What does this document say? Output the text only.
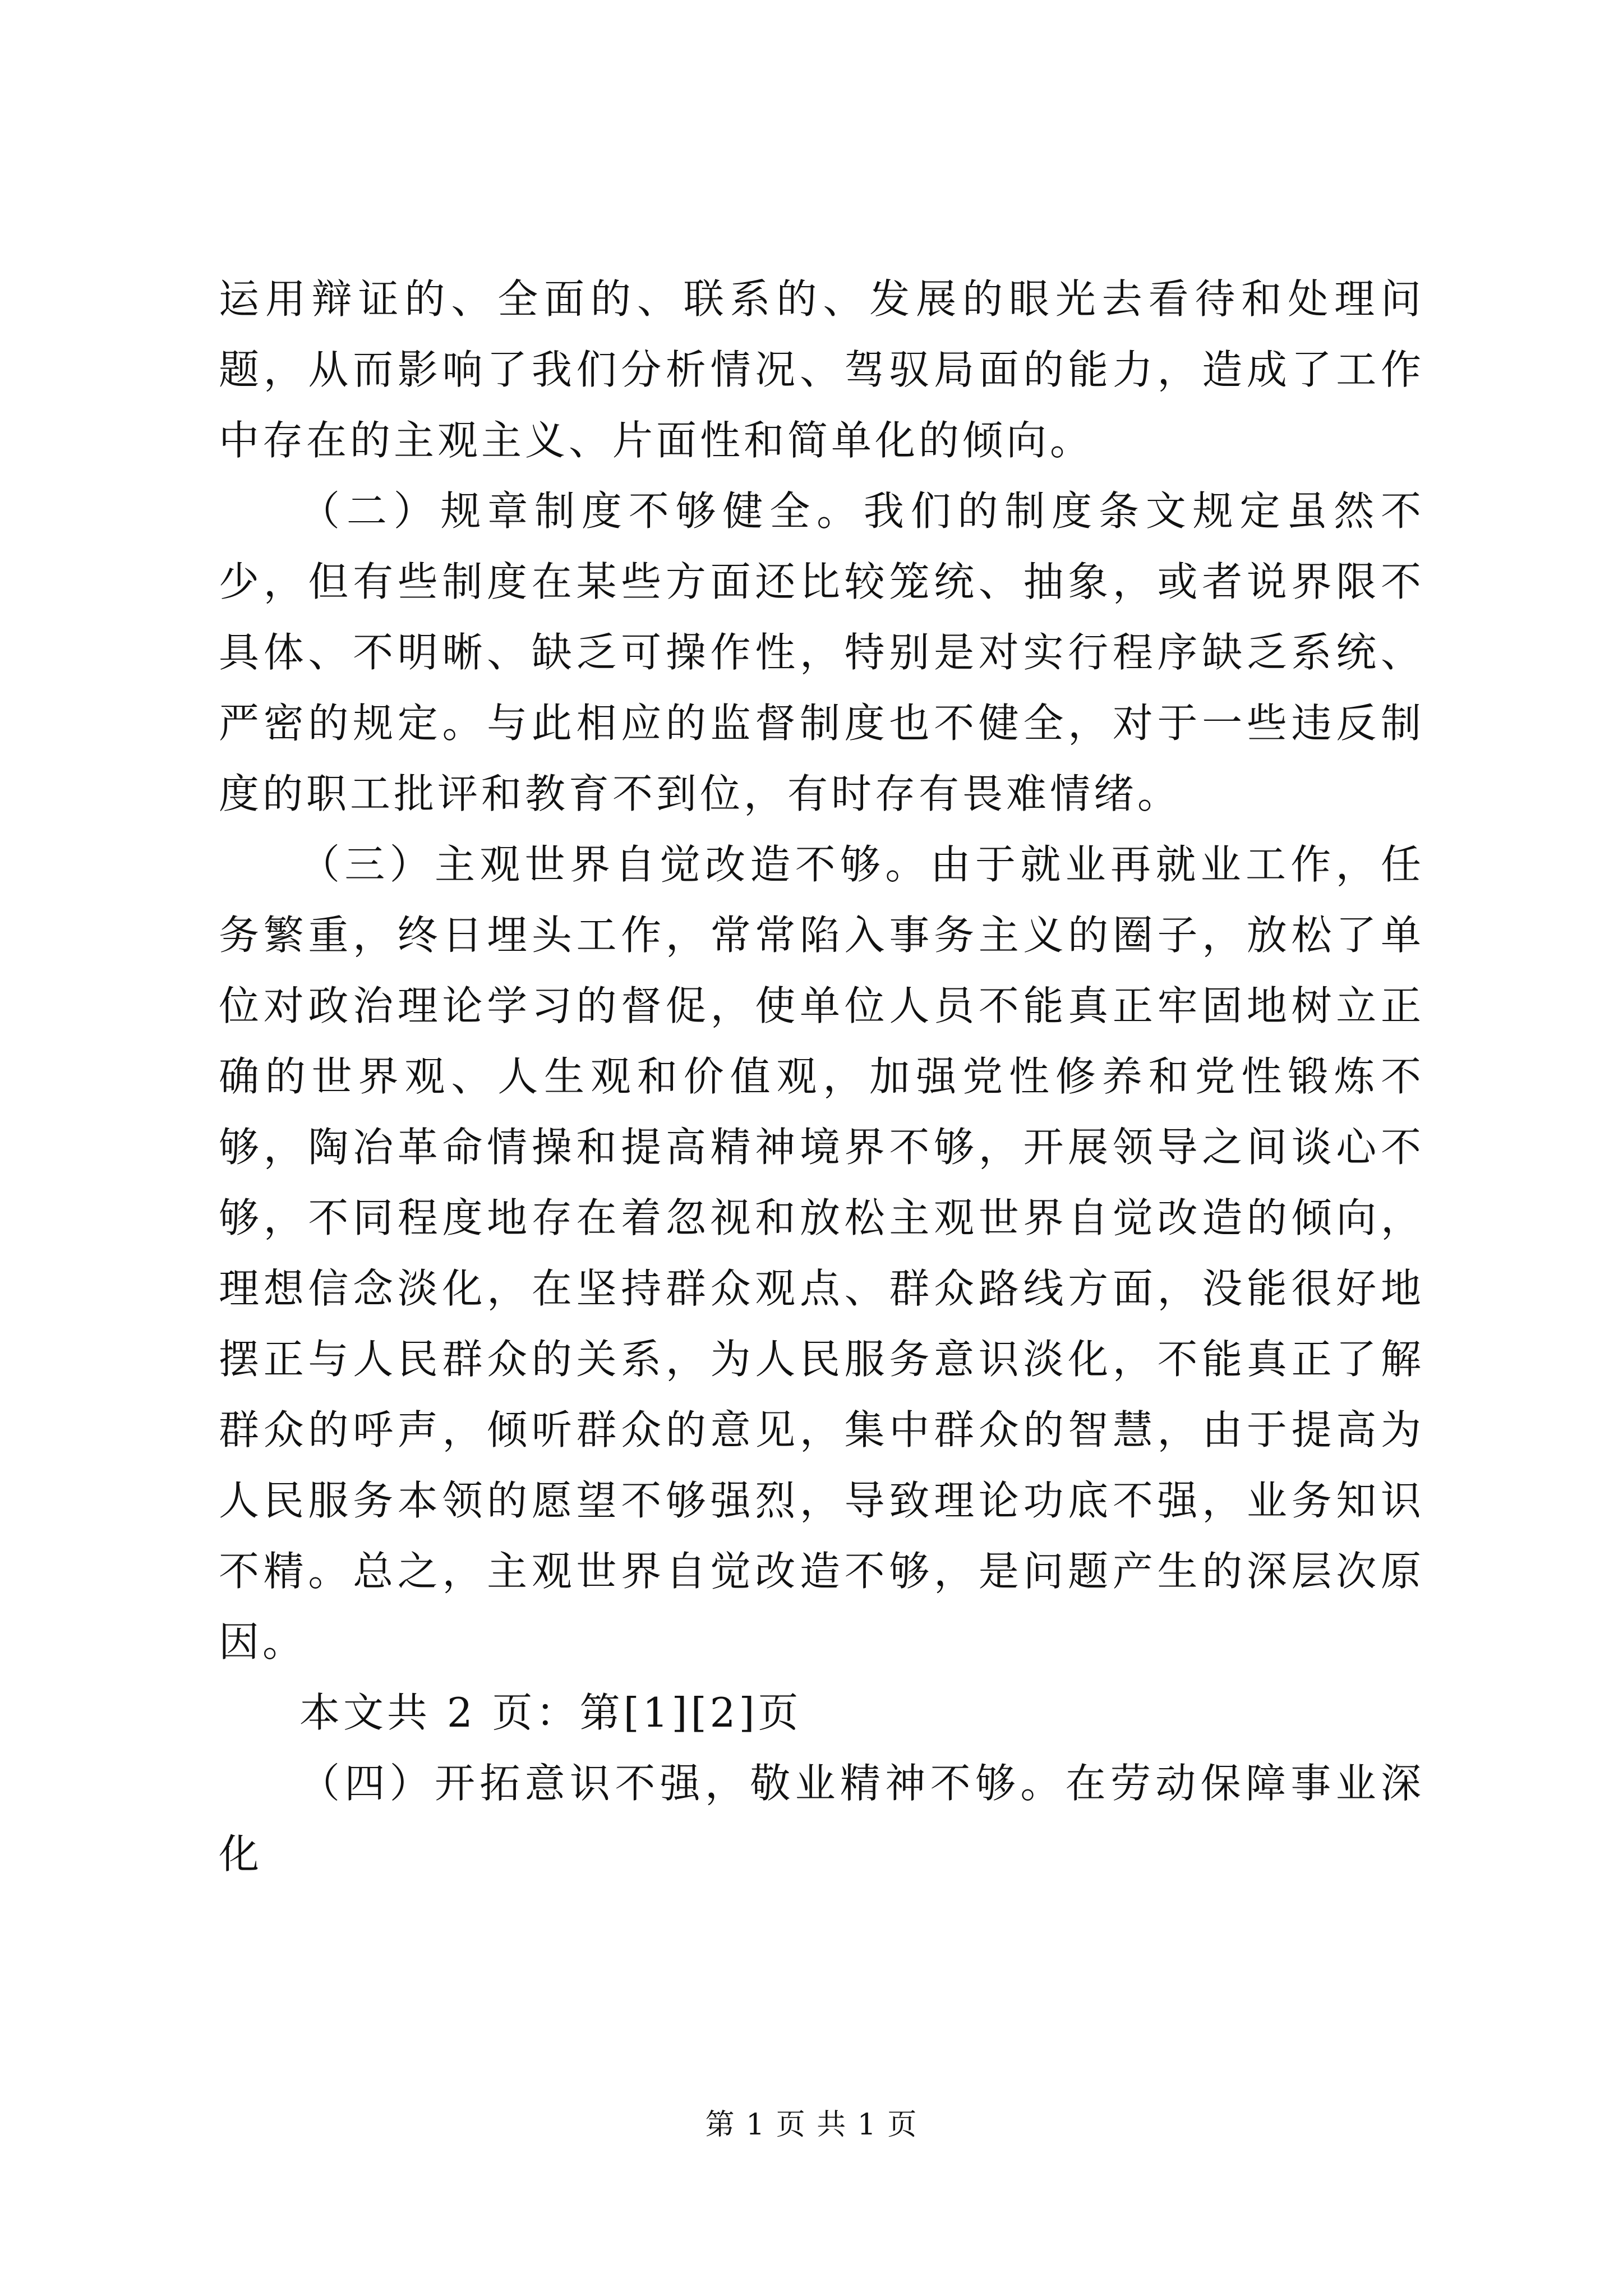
运用辩证的、全面的、联系的、发展的眼光去看待和处理问题，从而影响了我们分析情况、驾驭局面的能力，造成了工作中存在的主观主义、片面性和简单化的倾向。

（二）规章制度不够健全。我们的制度条文规定虽然不少，但有些制度在某些方面还比较笼统、抽象，或者说界限不具体、不明晰、缺乏可操作性，特别是对实行程序缺乏系统、严密的规定。与此相应的监督制度也不健全，对于一些违反制度的职工批评和教育不到位，有时存有畏难情绪。

（三）主观世界自觉改造不够。由于就业再就业工作，任务繁重，终日埋头工作，常常陷入事务主义的圈子，放松了单位对政治理论学习的督促，使单位人员不能真正牢固地树立正确的世界观、人生观和价值观，加强党性修养和党性锻炼不够，陶冶革命情操和提高精神境界不够，开展领导之间谈心不够，不同程度地存在着忽视和放松主观世界自觉改造的倾向，理想信念淡化，在坚持群众观点、群众路线方面，没能很好地摆正与人民群众的关系，为人民服务意识淡化，不能真正了解群众的呼声，倾听群众的意见，集中群众的智慧，由于提高为人民服务本领的愿望不够强烈，导致理论功底不强，业务知识不精。总之，主观世界自觉改造不够，是问题产生的深层次原因。

本文共 2 页：第[1][2]页

（四）开拓意识不强，敬业精神不够。在劳动保障事业深化

第 1 页 共 1 页
